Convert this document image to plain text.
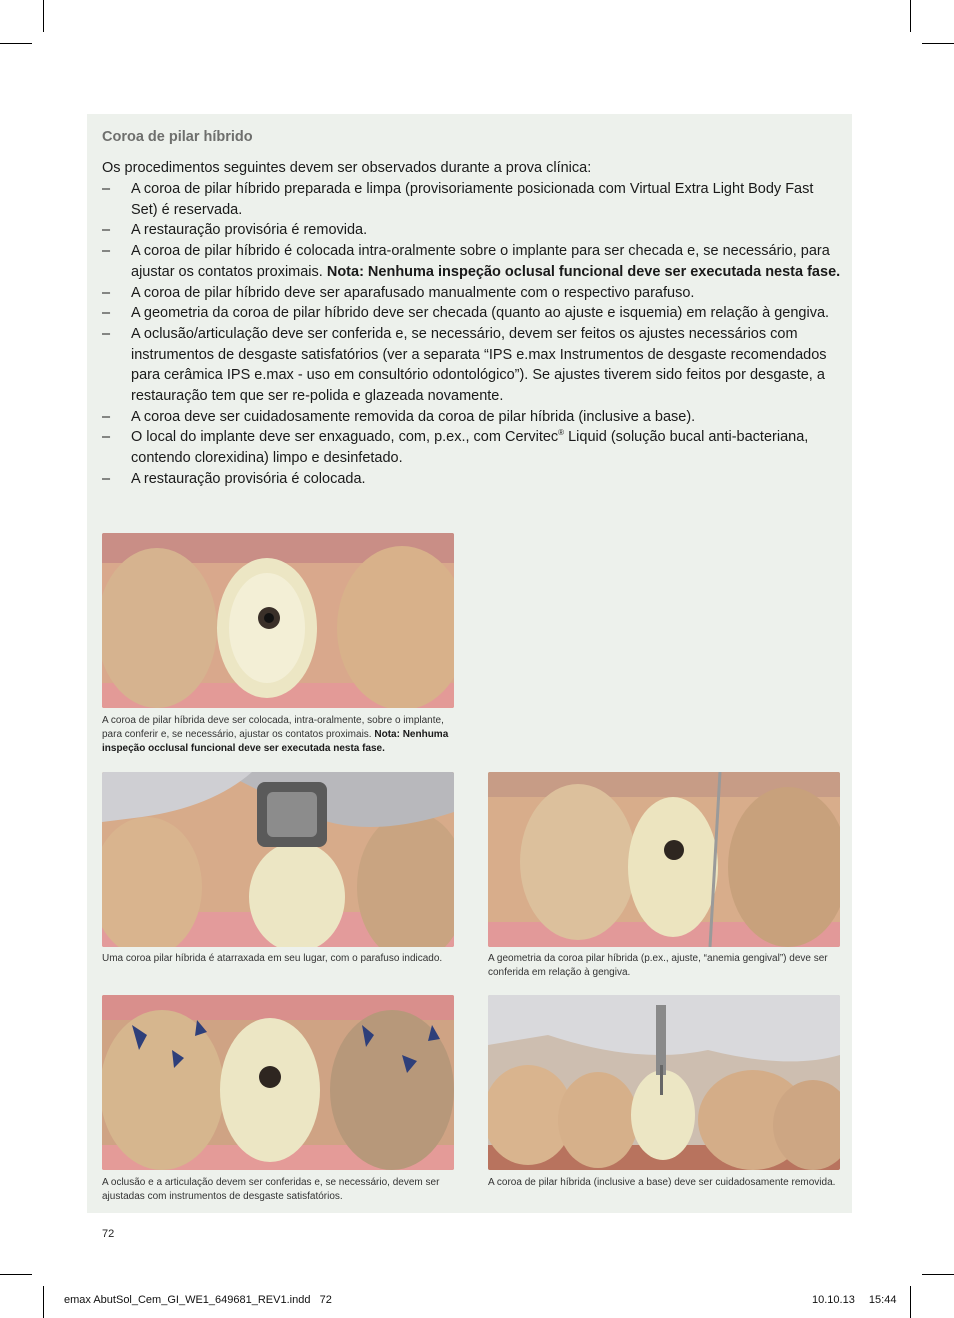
Coroa de pilar híbrido
Os procedimentos seguintes devem ser observados durante a prova clínica:
– A coroa de pilar híbrido preparada e limpa (provisoriamente posicionada com Virtual Extra Light Body Fast Set) é reservada.
– A restauração provisória é removida.
– A coroa de pilar híbrido é colocada intra-oralmente sobre o implante para ser checada e, se necessário, para ajustar os contatos proximais. Nota: Nenhuma inspeção oclusal funcional deve ser executada nesta fase.
– A coroa de pilar híbrido deve ser aparafusado manualmente com o respectivo parafuso.
– A geometria da coroa de pilar híbrido deve ser checada (quanto ao ajuste e isquemia) em relação à gengiva.
– A oclusão/articulação deve ser conferida e, se necessário, devem ser feitos os ajustes necessários com instrumentos de desgaste satisfatórios (ver a separata “IPS e.max Instrumentos de desgaste recomendados para cerâmica IPS e.max - uso em consultório odontológico”). Se ajustes tiverem sido feitos por desgaste, a restauração tem que ser re-polida e glazeada novamente.
– A coroa deve ser cuidadosamente removida da coroa de pilar híbrida (inclusive a base).
– O local do implante deve ser enxaguado, com, p.ex., com Cervitec® Liquid (solução bucal anti-bacteriana, contendo clorexidina) limpo e desinfetado.
– A restauração provisória é colocada.
A coroa de pilar híbrida deve ser colocada, intra-oralmente, sobre o implante, para conferir e, se necessário, ajustar os contatos proximais. Nota: Nenhuma inspeção occlusal funcional deve ser executada nesta fase.
Uma coroa pilar híbrida é atarraxada em seu lugar, com o parafuso indicado.	A geometria da coroa pilar híbrida (p.ex., ajuste, “anemia gengival”) deve ser conferida em relação à gengiva.
A oclusão e a articulação devem ser conferidas e, se necessário, devem ser ajustadas com instrumentos de desgaste satisfatórios.
A coroa de pilar híbrida (inclusive a base) deve ser cuidadosamente removida.
72
emax AbutSol_Cem_GI_WE1_649681_REV1.indd   72	10.10.13  15:44
